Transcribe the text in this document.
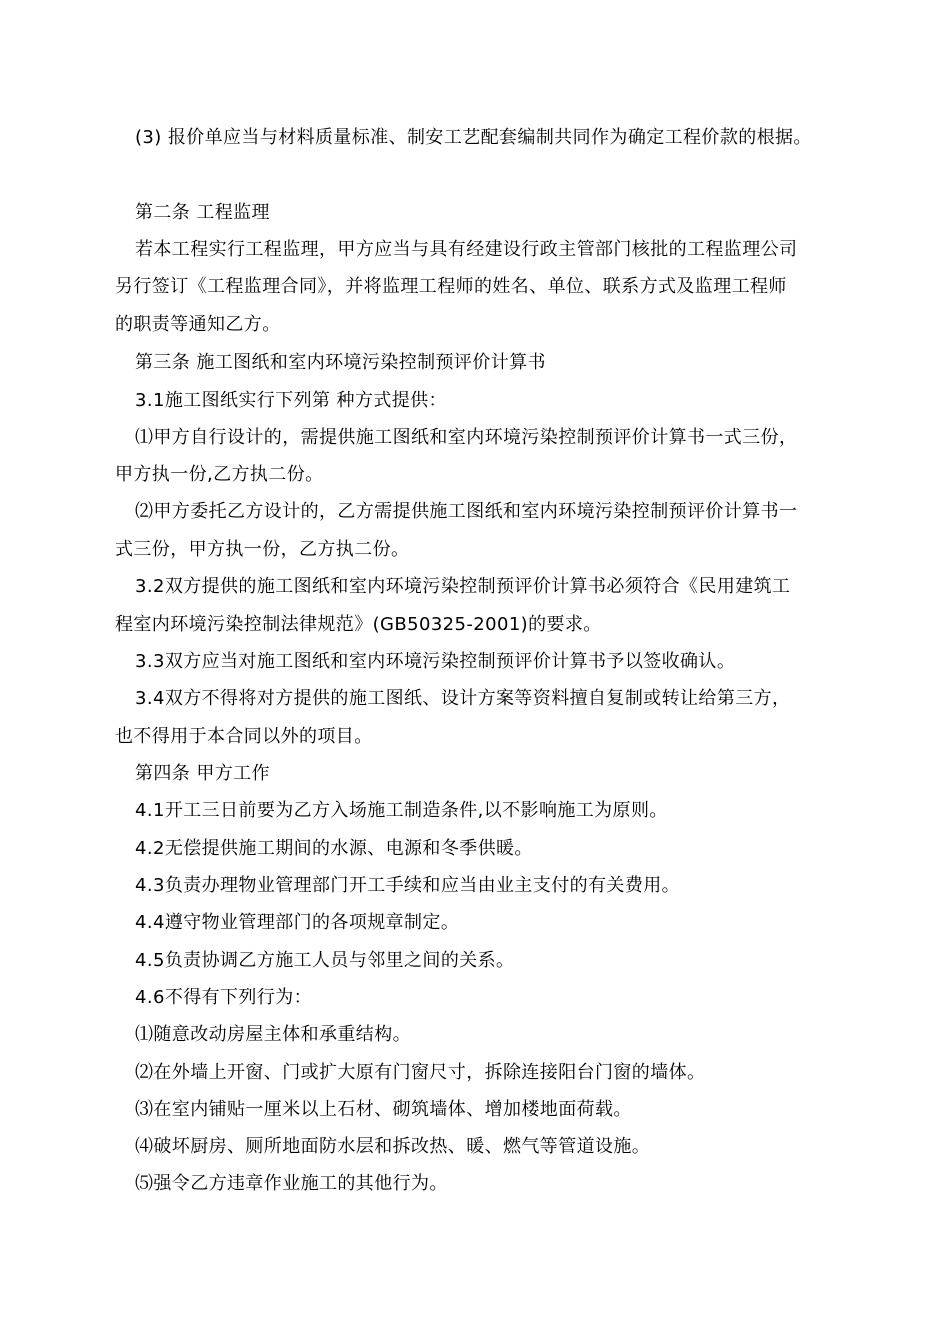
(3) 报价单应当与材料质量标准、制安工艺配套编制共同作为确定工程价款的根据。
第二条 工程监理
若本工程实行工程监理，甲方应当与具有经建设行政主管部门核批的工程监理公司
另行签订《工程监理合同》，并将监理工程师的姓名、单位、联系方式及监理工程师
的职责等通知乙方。
第三条 施工图纸和室内环境污染控制预评价计算书
3.1施工图纸实行下列第 种方式提供：
⑴甲方自行设计的，需提供施工图纸和室内环境污染控制预评价计算书一式三份，
甲方执一份,乙方执二份。
⑵甲方委托乙方设计的，乙方需提供施工图纸和室内环境污染控制预评价计算书一
式三份，甲方执一份，乙方执二份。
3.2双方提供的施工图纸和室内环境污染控制预评价计算书必须符合《民用建筑工
程室内环境污染控制法律规范》(GB50325-2001)的要求。
3.3双方应当对施工图纸和室内环境污染控制预评价计算书予以签收确认。
3.4双方不得将对方提供的施工图纸、设计方案等资料擅自复制或转让给第三方，
也不得用于本合同以外的项目。
第四条 甲方工作
4.1开工三日前要为乙方入场施工制造条件,以不影响施工为原则。
4.2无偿提供施工期间的水源、电源和冬季供暖。
4.3负责办理物业管理部门开工手续和应当由业主支付的有关费用。
4.4遵守物业管理部门的各项规章制定。
4.5负责协调乙方施工人员与邻里之间的关系。
4.6不得有下列行为：
⑴随意改动房屋主体和承重结构。
⑵在外墙上开窗、门或扩大原有门窗尺寸，拆除连接阳台门窗的墙体。
⑶在室内铺贴一厘米以上石材、砌筑墙体、增加楼地面荷载。
⑷破坏厨房、厕所地面防水层和拆改热、暖、燃气等管道设施。
⑸强令乙方违章作业施工的其他行为。
